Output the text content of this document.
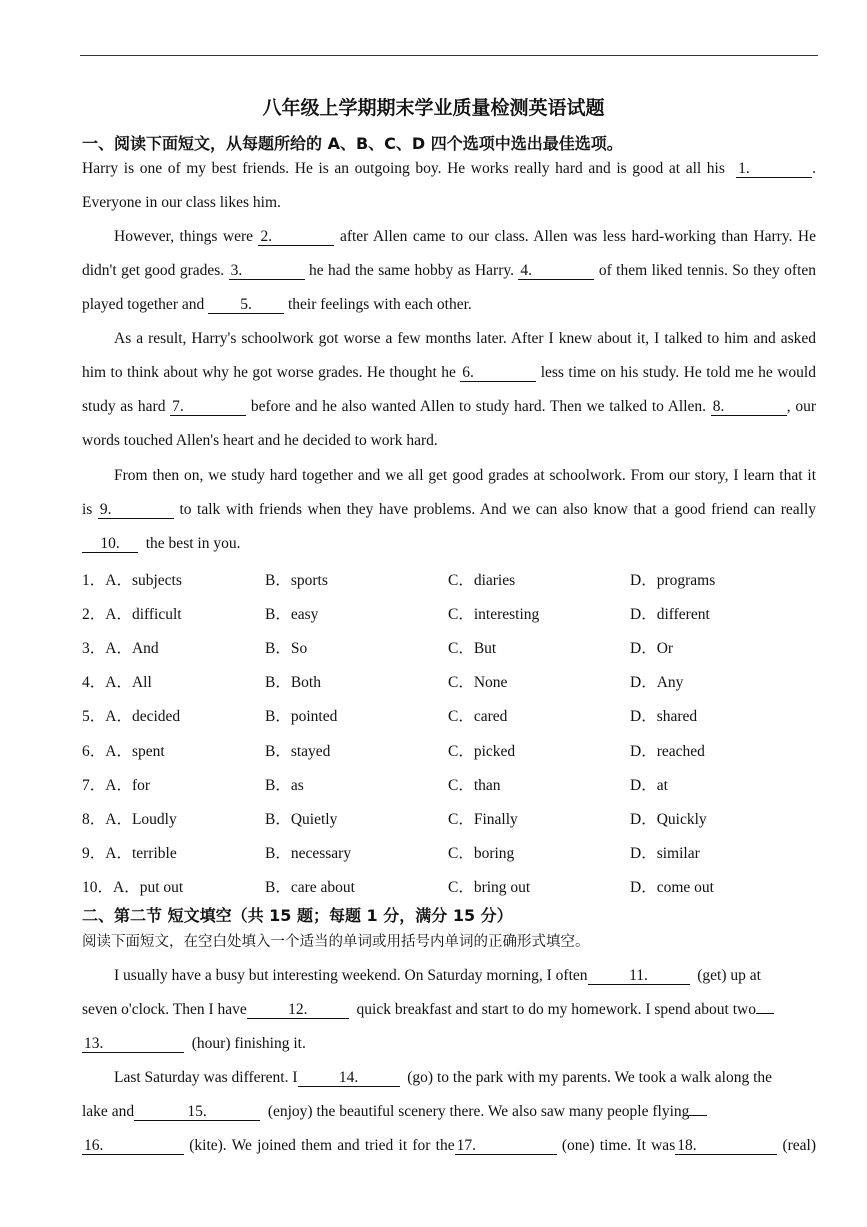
八年级上学期期末学业质量检测英语试题
一、阅读下面短文，从每题所给的 A、B、C、D 四个选项中选出最佳选项。
Harry is one of my best friends. He is an outgoing boy. He works really hard and is good at all his 1.	.
Everyone in our class likes him.
However, things were 2.	after Allen came to our class. Allen was less hard-working than Harry. He
didn't get good grades. 3.	he had the same hobby as Harry. 4.	of them liked tennis. So they often
played together and 5. their feelings with each other.
As a result, Harry's schoolwork got worse a few months later. After I knew about it, I talked to him and asked
him to think about why he got worse grades. He thought he 6.	less time on his study. He told me he would
study as hard 7.	before and he also wanted Allen to study hard. Then we talked to Allen. 8.	, our
words touched Allen's heart and he decided to work hard.
From then on, we study hard together and we all get good grades at schoolwork. From our story, I learn that it
is 9.	to talk with friends when they have problems. And we can also know that a good friend can really
10. the best in you.
1．A．subjects	B．sports	C．diaries	D．programs
2．A．difficult	B．easy	C．interesting	D．different
3．A．And	B．So	C．But	D．Or
4．A．All	B．Both	C．None	D．Any
5．A．decided	B．pointed	C．cared	D．shared
6．A．spent	B．stayed	C．picked	D．reached
7．A．for	B．as	C．than	D．at
8．A．Loudly	B．Quietly	C．Finally	D．Quickly
9．A．terrible	B．necessary	C．boring	D．similar
10．A．put out	B．care about	C．bring out	D．come out
二、第二节 短文填空（共 15 题；每题 1 分，满分 15 分）
阅读下面短文，在空白处填入一个适当的单词或用括号内单词的正确形式填空。
I usually have a busy but interesting weekend. On Saturday morning, I often	11.	(get) up at
seven o'clock. Then I have	12.	quick breakfast and start to do my homework. I spend about two
13.	(hour) finishing it.
Last Saturday was different. I	14.	(go) to the park with my parents. We took a walk along the
lake and	15.	(enjoy) the beautiful scenery there. We also saw many people flying
16.	(kite). We joined them and tried it for the 17.	(one) time. It was 18.	(real)
